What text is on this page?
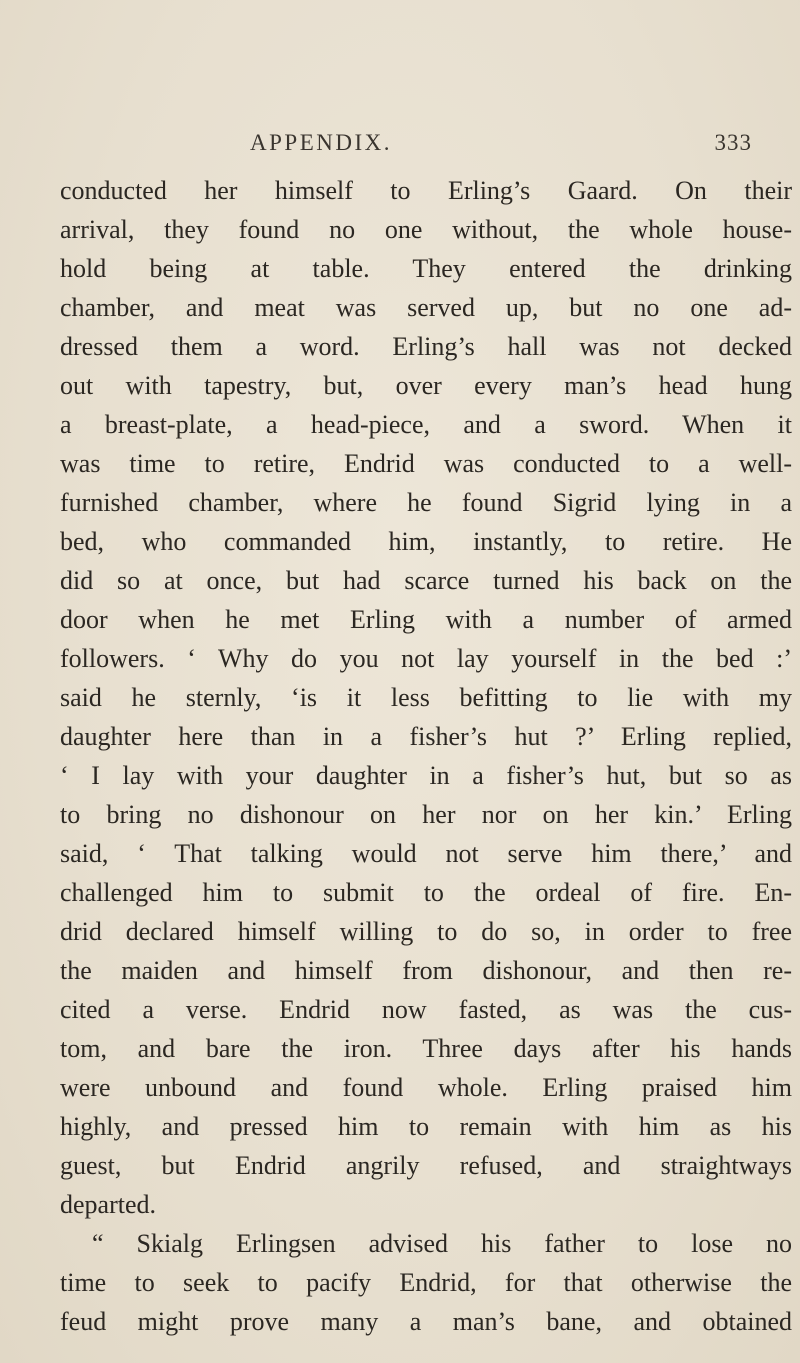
APPENDIX.	333
conducted her himself to Erling’s Gaard. On their
arrival, they found no one without, the whole house-
hold being at table. They entered the drinking
chamber, and meat was served up, but no one ad-
dressed them a word. Erling’s hall was not decked
out with tapestry, but, over every man’s head hung
a breast-plate, a head-piece, and a sword. When it
was time to retire, Endrid was conducted to a well-
furnished chamber, where he found Sigrid lying in a
bed, who commanded him, instantly, to retire. He
did so at once, but had scarce turned his back on the
door when he met Erling with a number of armed
followers. ‘ Why do you not lay yourself in the bed :’
said he sternly, ‘is it less befitting to lie with my
daughter here than in a fisher’s hut ?’ Erling replied,
‘ I lay with your daughter in a fisher’s hut, but so as
to bring no dishonour on her nor on her kin.’ Erling
said, ‘ That talking would not serve him there,’ and
challenged him to submit to the ordeal of fire. En-
drid declared himself willing to do so, in order to free
the maiden and himself from dishonour, and then re-
cited a verse. Endrid now fasted, as was the cus-
tom, and bare the iron. Three days after his hands
were unbound and found whole. Erling praised him
highly, and pressed him to remain with him as his
guest, but Endrid angrily refused, and straightways
departed.
“ Skialg Erlingsen advised his father to lose no
time to seek to pacify Endrid, for that otherwise the
feud might prove many a man’s bane, and obtained
